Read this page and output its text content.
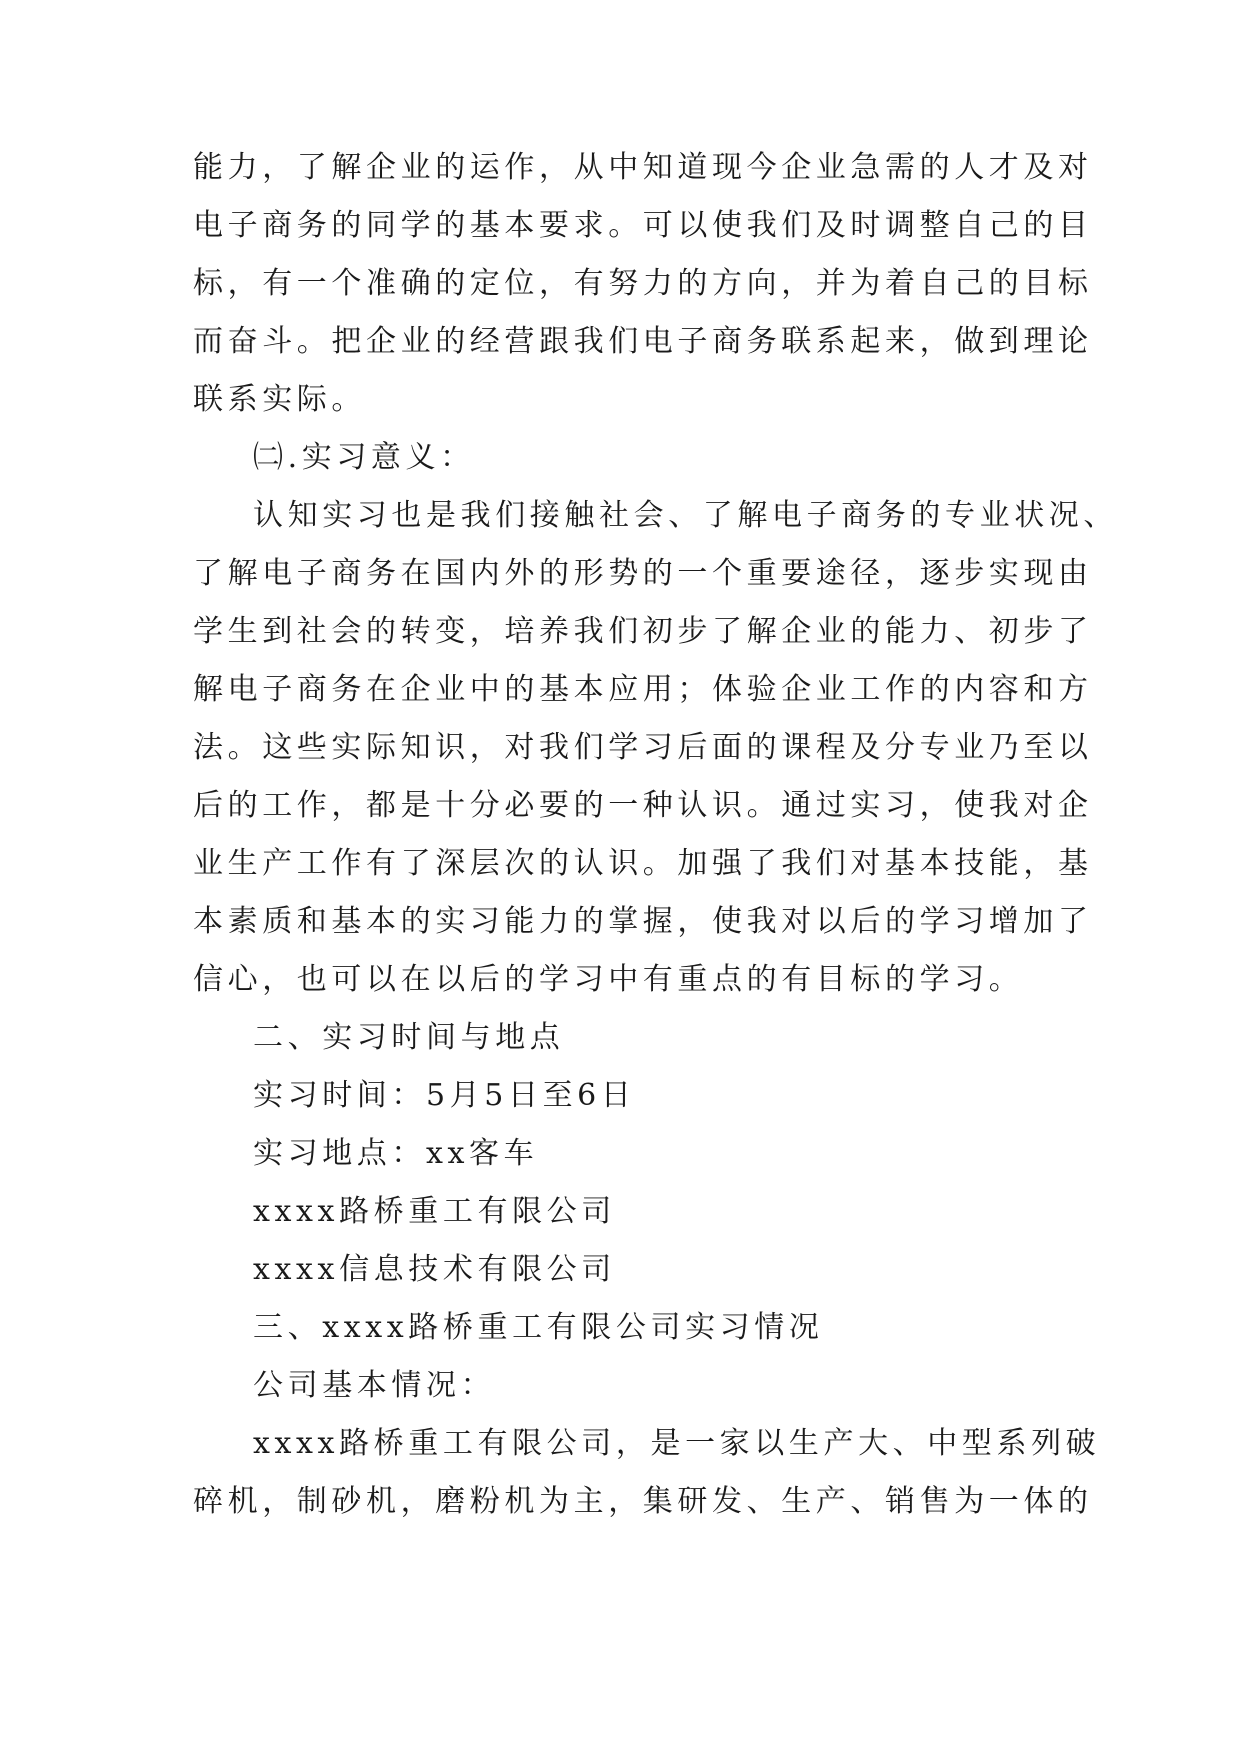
能力，了解企业的运作，从中知道现今企业急需的人才及对
电子商务的同学的基本要求。可以使我们及时调整自己的目
标，有一个准确的定位，有努力的方向，并为着自己的目标
而奋斗。把企业的经营跟我们电子商务联系起来，做到理论
联系实际。
㈡.实习意义：
认知实习也是我们接触社会、了解电子商务的专业状况、
了解电子商务在国内外的形势的一个重要途径，逐步实现由
学生到社会的转变，培养我们初步了解企业的能力、初步了
解电子商务在企业中的基本应用；体验企业工作的内容和方
法。这些实际知识，对我们学习后面的课程及分专业乃至以
后的工作，都是十分必要的一种认识。通过实习，使我对企
业生产工作有了深层次的认识。加强了我们对基本技能，基
本素质和基本的实习能力的掌握，使我对以后的学习增加了
信心，也可以在以后的学习中有重点的有目标的学习。
二、实习时间与地点
实习时间：5月5日至6日
实习地点：xx客车
xxxx路桥重工有限公司
xxxx信息技术有限公司
三、xxxx路桥重工有限公司实习情况
公司基本情况：
xxxx路桥重工有限公司，是一家以生产大、中型系列破
碎机，制砂机，磨粉机为主，集研发、生产、销售为一体的
